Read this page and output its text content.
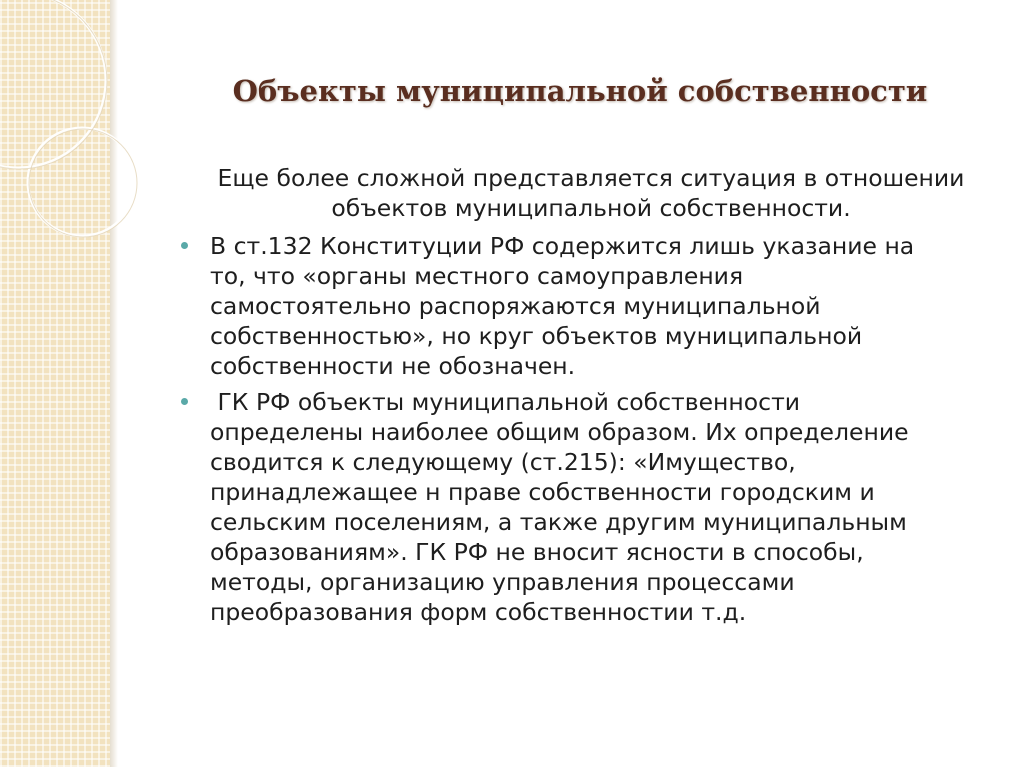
Объекты муниципальной собственности

Еще более сложной представляется ситуация в отношении
объектов муниципальной собственности.

В ст.132 Конституции РФ содержится лишь указание на
то, что «органы местного самоуправления
самостоятельно распоряжаются муниципальной
собственностью», но круг объектов муниципальной
собственности не обозначен.
ГК РФ объекты муниципальной собственности
определены наиболее общим образом. Их определение
сводится к следующему (ст.215): «Имущество,
принадлежащее н праве собственности городским и
сельским поселениям, а также другим муниципальным
образованиям». ГК РФ не вносит ясности в способы,
методы, организацию управления процессами
преобразования форм собственностии т.д.
